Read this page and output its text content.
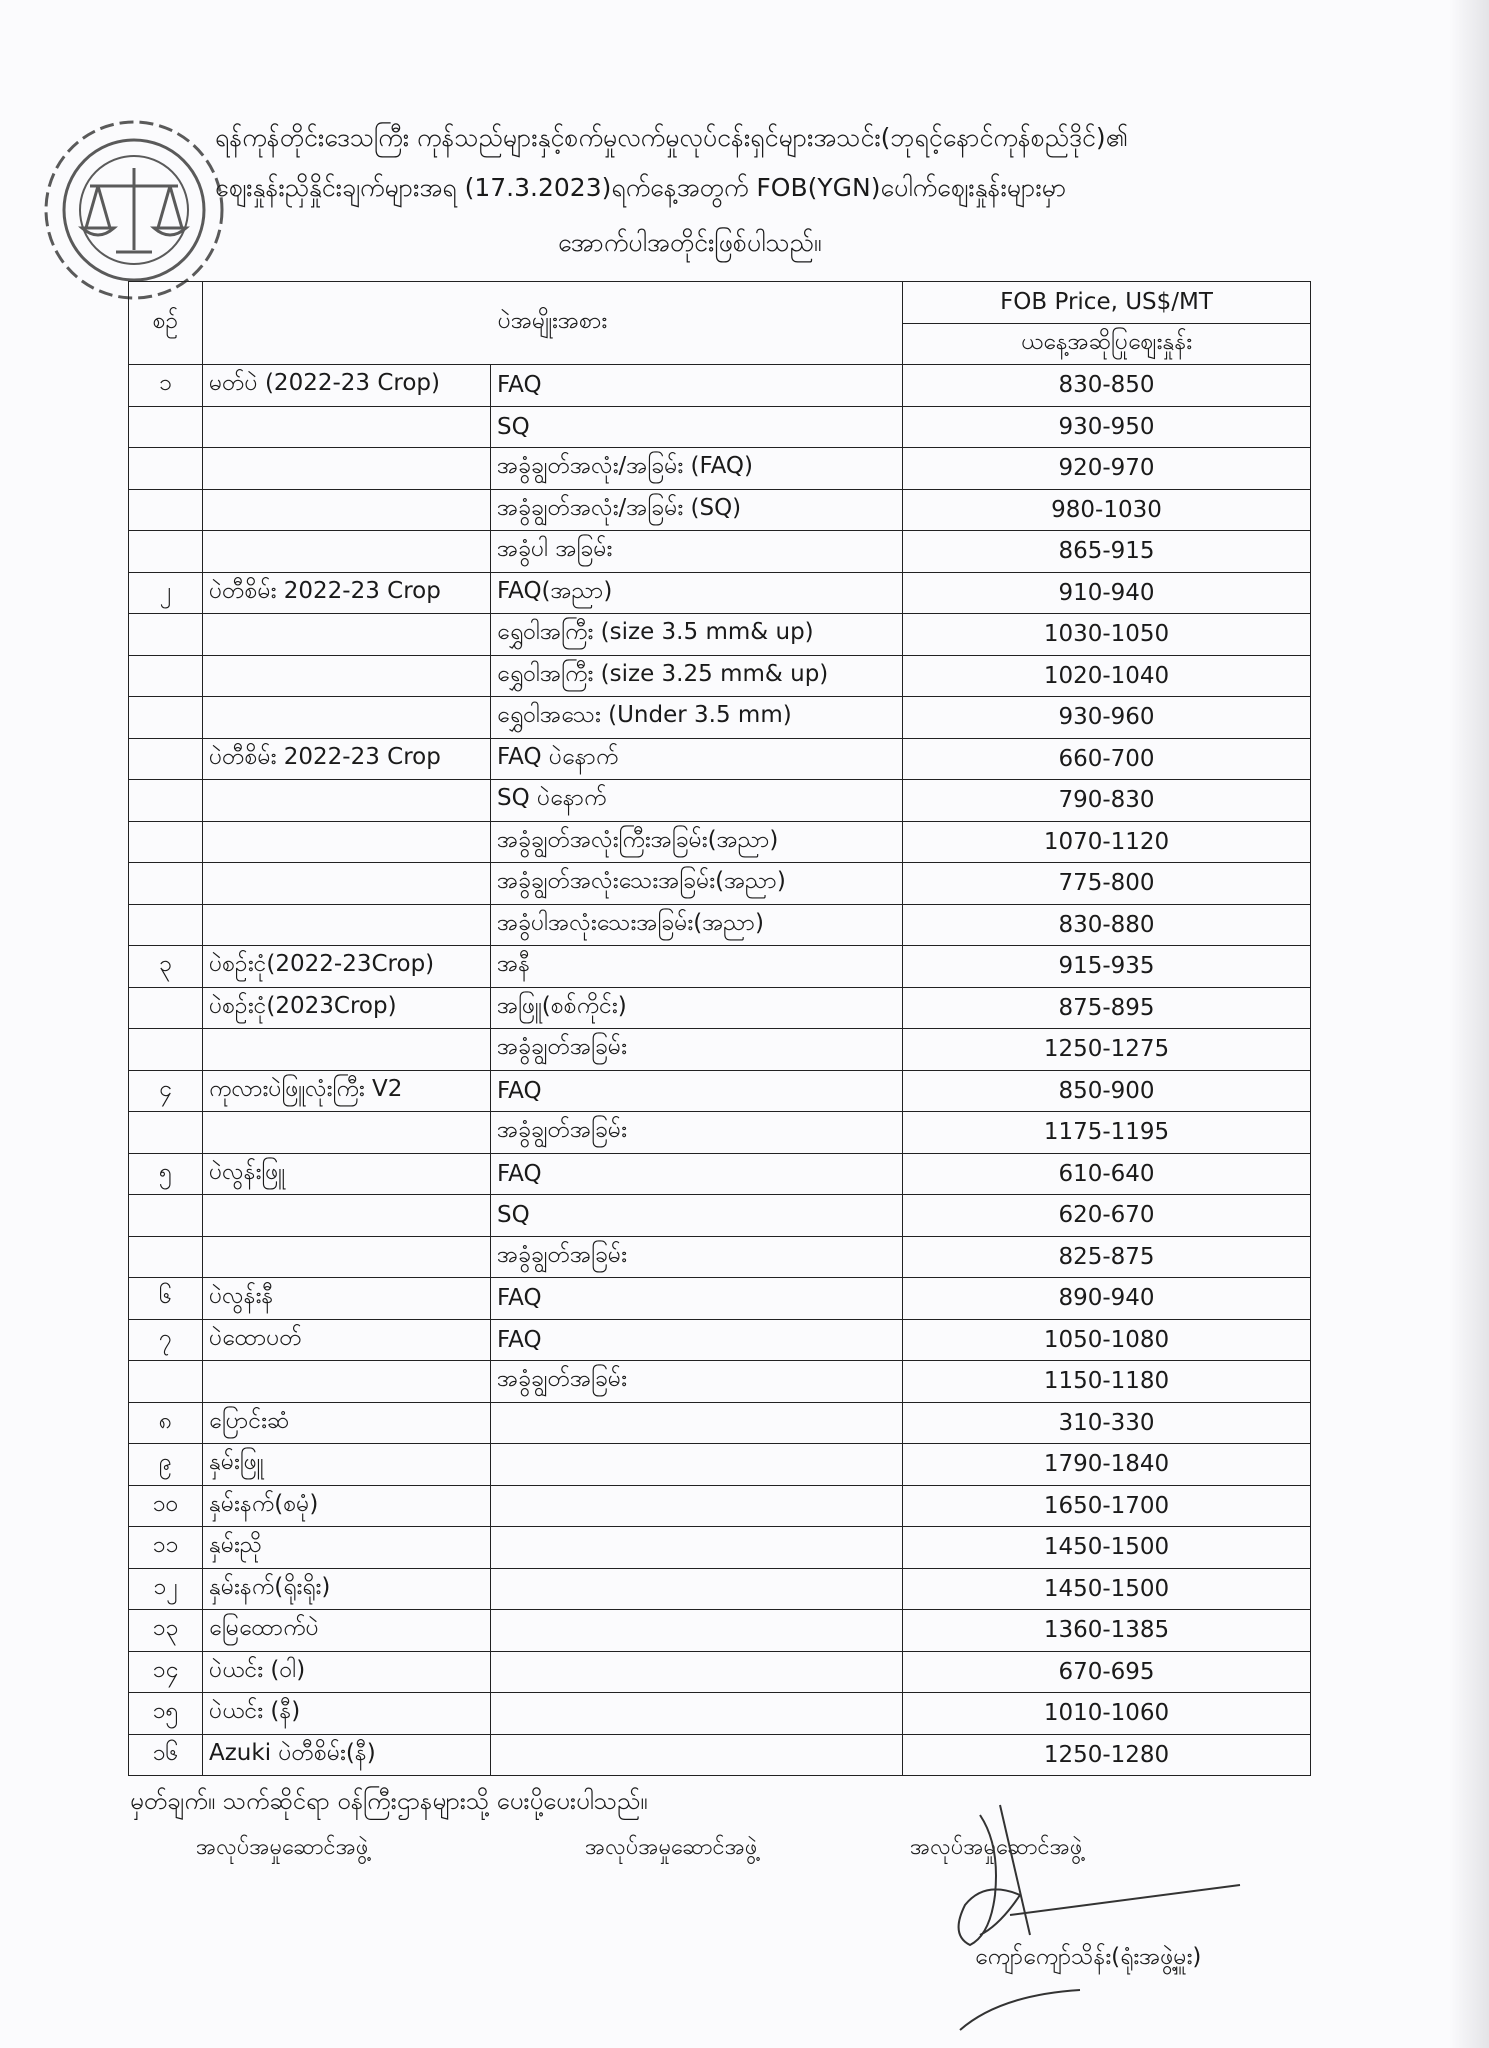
ရန်ကုန်တိုင်းဒေသကြီး ကုန်သည်များနှင့်စက်မှုလက်မှုလုပ်ငန်းရှင်များအသင်း(ဘုရင့်နောင်ကုန်စည်ဒိုင်)၏
ဈေးနှုန်းညှိနှိုင်းချက်များအရ (17.3.2023)ရက်နေ့အတွက် FOB(YGN)ပေါက်ဈေးနှုန်းများမှာ
အောက်ပါအတိုင်းဖြစ်ပါသည်။
စဉ်	ပဲအမျိုးအစား		FOB Price, US$/MT
			ယနေ့အဆိုပြုဈေးနှုန်း
၁	မတ်ပဲ (2022-23 Crop)	FAQ	830-850
		SQ	930-950
		အခွံချွတ်အလုံး/အခြမ်း (FAQ)	920-970
		အခွံချွတ်အလုံး/အခြမ်း (SQ)	980-1030
		အခွံပါ အခြမ်း	865-915
၂	ပဲတီစိမ်း 2022-23 Crop	FAQ(အညာ)	910-940
		ရွှေဝါအကြီး (size 3.5 mm& up)	1030-1050
		ရွှေဝါအကြီး (size 3.25 mm& up)	1020-1040
		ရွှေဝါအသေး (Under 3.5 mm)	930-960
	ပဲတီစိမ်း 2022-23 Crop	FAQ ပဲနောက်	660-700
		SQ ပဲနောက်	790-830
		အခွံချွတ်အလုံးကြီးအခြမ်း(အညာ)	1070-1120
		အခွံချွတ်အလုံးသေးအခြမ်း(အညာ)	775-800
		အခွံပါအလုံးသေးအခြမ်း(အညာ)	830-880
၃	ပဲစဉ်းငုံ(2022-23Crop)	အနီ	915-935
	ပဲစဉ်းငုံ(2023Crop)	အဖြူ(စစ်ကိုင်း)	875-895
		အခွံချွတ်အခြမ်း	1250-1275
၄	ကုလားပဲဖြူလုံးကြီး V2	FAQ	850-900
		အခွံချွတ်အခြမ်း	1175-1195
၅	ပဲလွန်းဖြူ	FAQ	610-640
		SQ	620-670
		အခွံချွတ်အခြမ်း	825-875
၆	ပဲလွန်းနီ	FAQ	890-940
၇	ပဲထောပတ်	FAQ	1050-1080
		အခွံချွတ်အခြမ်း	1150-1180
၈	ပြောင်းဆံ		310-330
၉	နှမ်းဖြူ		1790-1840
၁၀	နှမ်းနက်(စမုံ)		1650-1700
၁၁	နှမ်းညို		1450-1500
၁၂	နှမ်းနက်(ရိုးရိုး)		1450-1500
၁၃	မြေထောက်ပဲ		1360-1385
၁၄	ပဲယင်း (ဝါ)		670-695
၁၅	ပဲယင်း (နီ)		1010-1060
၁၆	Azuki ပဲတီစိမ်း(နီ)		1250-1280
မှတ်ချက်။ သက်ဆိုင်ရာ ဝန်ကြီးဌာနများသို့ ပေးပို့ပေးပါသည်။
အလုပ်အမှုဆောင်အဖွဲ့	အလုပ်အမှုဆောင်အဖွဲ့	အလုပ်အမှုဆောင်အဖွဲ့
ကျော်ကျော်သိန်း(ရုံးအဖွဲ့မှူး)
